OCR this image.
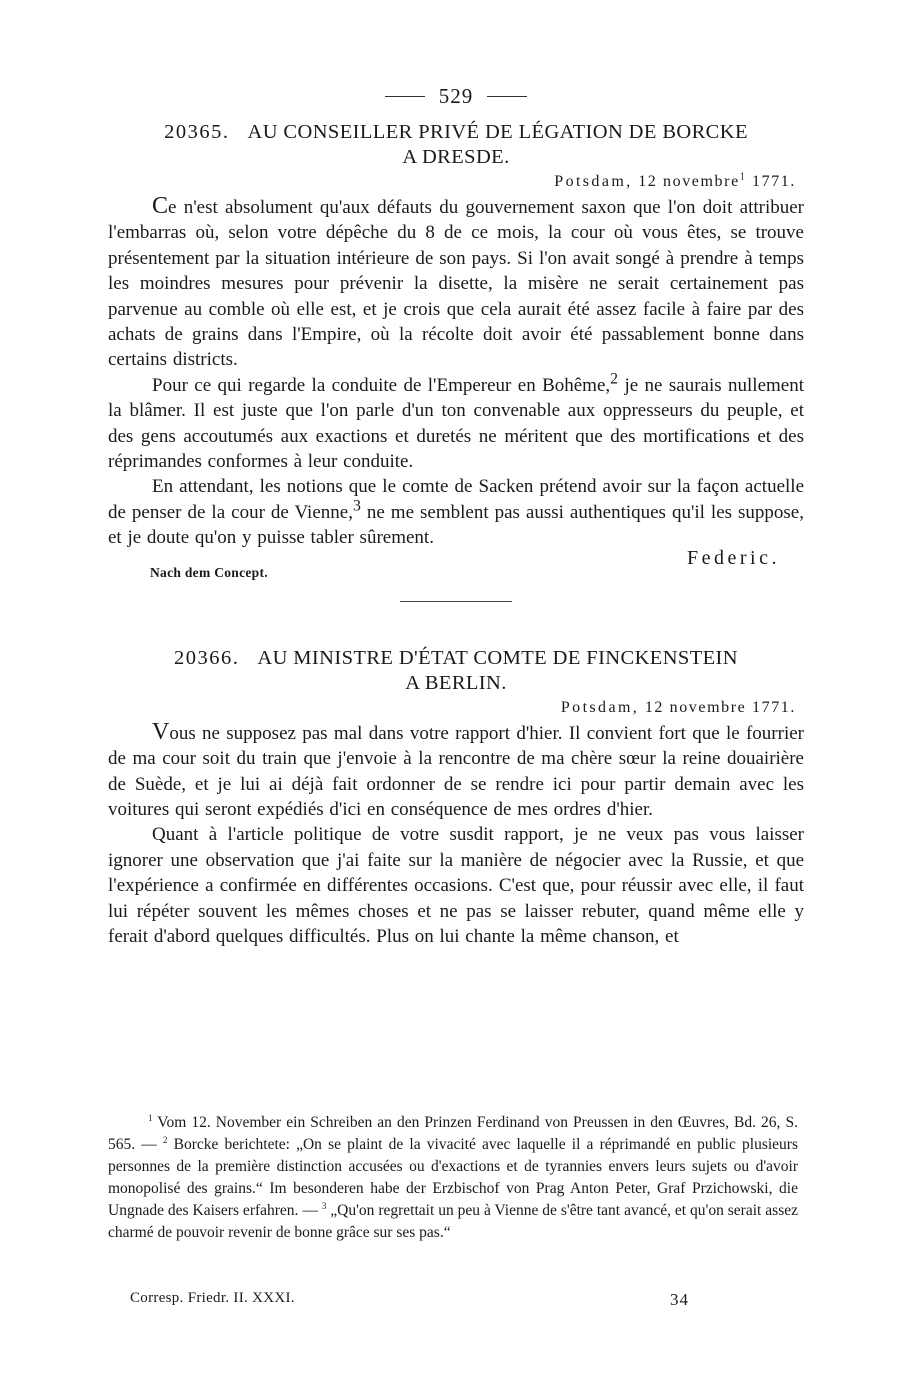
529
20365. AU CONSEILLER PRIVÉ DE LÉGATION DE BORCKE
A DRESDE.
Potsdam, 12 novembre$^1$ 1771.

Ce n'est absolument qu'aux défauts du gouvernement saxon que l'on doit attribuer l'embarras où, selon votre dépêche du 8 de ce mois, la cour où vous êtes, se trouve présentement par la situation intérieure de son pays. Si l'on avait songé à prendre à temps les moindres mesures pour prévenir la disette, la misère ne serait certainement pas parvenue au comble où elle est, et je crois que cela aurait été assez facile à faire par des achats de grains dans l'Empire, où la récolte doit avoir été passablement bonne dans certains districts.

Pour ce qui regarde la conduite de l'Empereur en Bohême,$^2$ je ne saurais nullement la blâmer. Il est juste que l'on parle d'un ton convenable aux oppresseurs du peuple, et des gens accoutumés aux exactions et duretés ne méritent que des mortifications et des réprimandes conformes à leur conduite.

En attendant, les notions que le comte de Sacken prétend avoir sur la façon actuelle de penser de la cour de Vienne,$^3$ ne me semblent pas aussi authentiques qu'il les suppose, et je doute qu'on y puisse tabler sûrement.

Nach dem Concept.
Federic.
20366. AU MINISTRE D'ÉTAT COMTE DE FINCKENSTEIN
A BERLIN.
Potsdam, 12 novembre 1771.

Vous ne supposez pas mal dans votre rapport d'hier. Il convient fort que le fourrier de ma cour soit du train que j'envoie à la rencontre de ma chère sœur la reine douairière de Suède, et je lui ai déjà fait ordonner de se rendre ici pour partir demain avec les voitures qui seront expédiés d'ici en conséquence de mes ordres d'hier.

Quant à l'article politique de votre susdit rapport, je ne veux pas vous laisser ignorer une observation que j'ai faite sur la manière de négocier avec la Russie, et que l'expérience a confirmée en différentes occasions. C'est que, pour réussir avec elle, il faut lui répéter souvent les mêmes choses et ne pas se laisser rebuter, quand même elle y ferait d'abord quelques difficultés. Plus on lui chante la même chanson, et

$^1$ Vom 12. November ein Schreiben an den Prinzen Ferdinand von Preussen in den Œuvres, Bd. 26, S. 565. — $^2$ Borcke berichtete: „On se plaint de la vivacité avec laquelle il a réprimandé en public plusieurs personnes de la première distinction accusées ou d'exactions et de tyrannies envers leurs sujets ou d'avoir monopolisé des grains.“ Im besonderen habe der Erzbischof von Prag Anton Peter, Graf Przichowski, die Ungnade des Kaisers erfahren. — $^3$ „Qu'on regrettait un peu à Vienne de s'être tant avancé, et qu'on serait assez charmé de pouvoir revenir de bonne grâce sur ses pas.“

Corresp. Friedr. II. XXXI.	34
